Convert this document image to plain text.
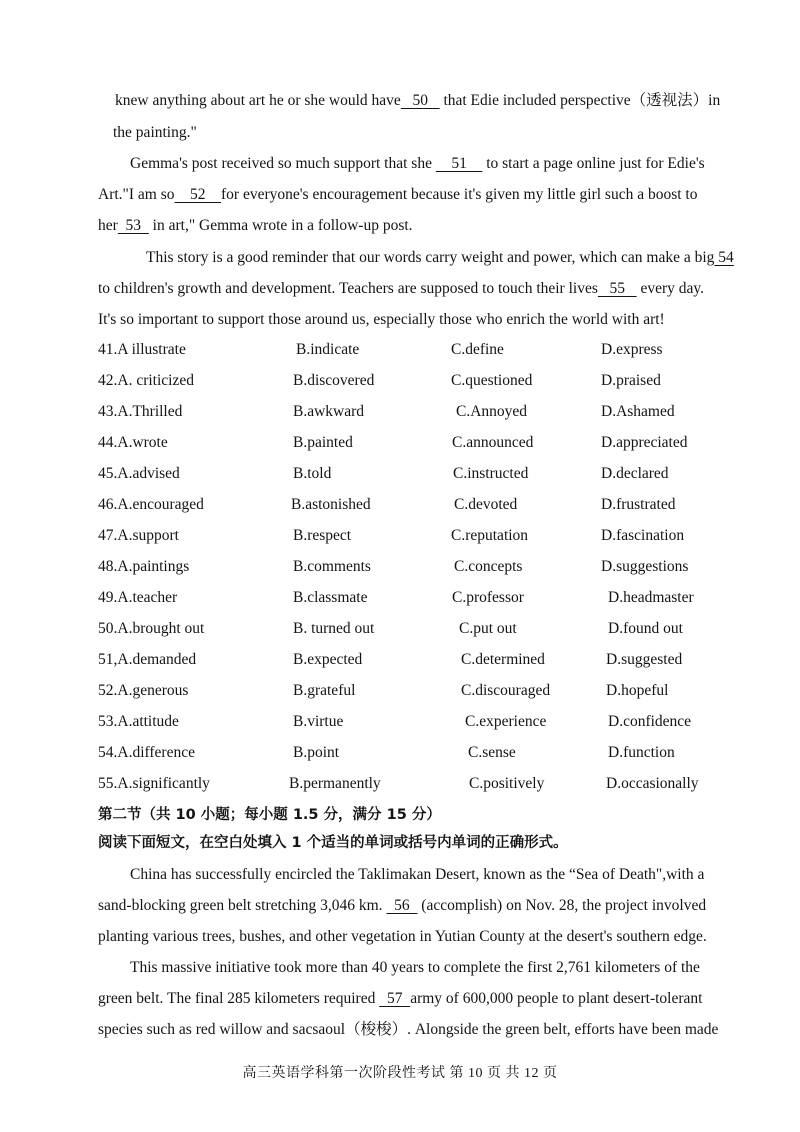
knew anything about art he or she would have   50    that Edie included perspective（透视法）in
the painting."
Gemma's post received so much support that she     51     to start a page online just for Edie's
Art."I am so    52    for everyone's encouragement because it's given my little girl such a boost to
her  53   in art," Gemma wrote in a follow-up post.
This story is a good reminder that our words carry weight and power, which can make a big 54
to children's growth and development. Teachers are supposed to touch their lives   55    every day.
It's so important to support those around us, especially those who enrich the world with art!
41.A illustrate	B.indicate	C.define	D.express
42.A. criticized	B.discovered	C.questioned	D.praised
43.A.Thrilled	B.awkward	C.Annoyed	D.Ashamed
44.A.wrote	B.painted	C.announced	D.appreciated
45.A.advised	B.told	C.instructed	D.declared
46.A.encouraged	B.astonished	C.devoted	D.frustrated
47.A.support	B.respect	C.reputation	D.fascination
48.A.paintings	B.comments	C.concepts	D.suggestions
49.A.teacher	B.classmate	C.professor	D.headmaster
50.A.brought out	B. turned out	C.put out	D.found out
51,A.demanded	B.expected	C.determined	D.suggested
52.A.generous	B.grateful	C.discouraged	D.hopeful
53.A.attitude	B.virtue	C.experience	D.confidence
54.A.difference	B.point	C.sense	D.function
55.A.significantly	B.permanently	C.positively	D.occasionally
第二节（共 10 小题；每小题 1.5 分，满分 15 分）
阅读下面短文，在空白处填入 1 个适当的单词或括号内单词的正确形式。
China has successfully encircled the Taklimakan Desert, known as the “Sea of Death",with a
sand-blocking green belt stretching 3,046 km.   56   (accomplish) on Nov. 28, the project involved
planting various trees, bushes, and other vegetation in Yutian County at the desert's southern edge.
This massive initiative took more than 40 years to complete the first 2,761 kilometers of the
green belt. The final 285 kilometers required   57  army of 600,000 people to plant desert-tolerant
species such as red willow and sacsaoul（梭梭）. Alongside the green belt, efforts have been made
高三英语学科第一次阶段性考试 第 10 页 共 12 页
